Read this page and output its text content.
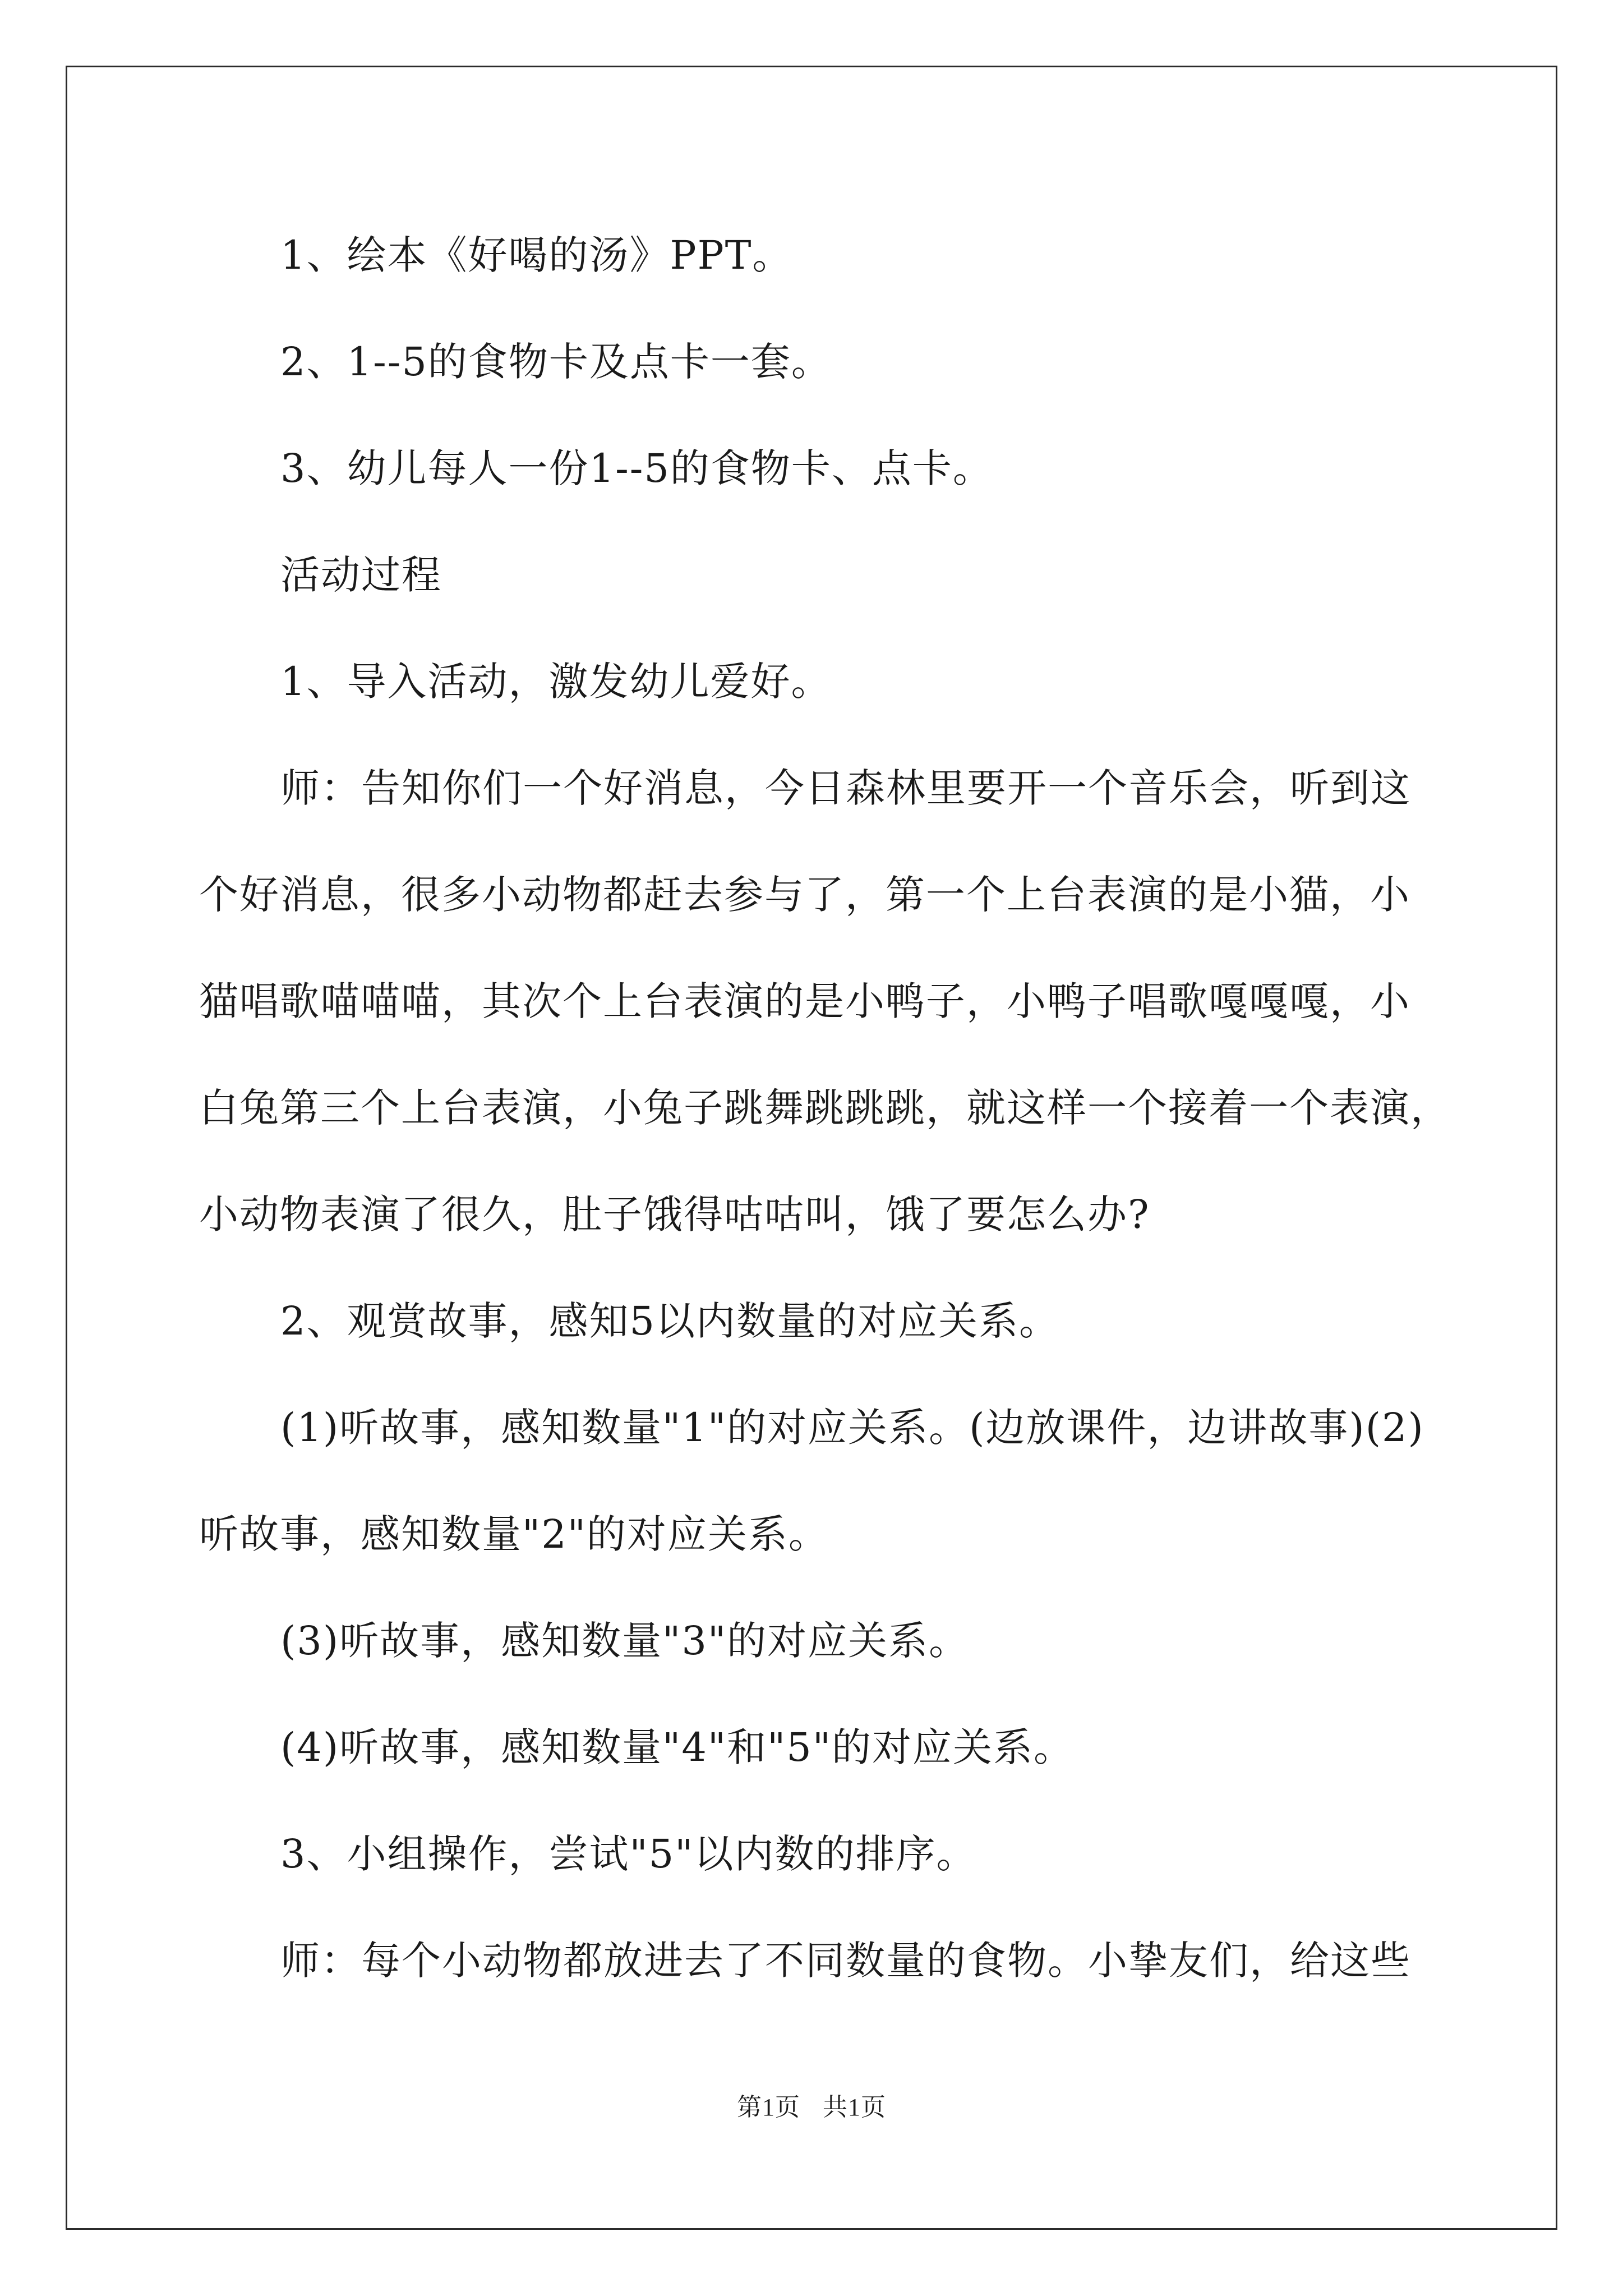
1、绘本《好喝的汤》PPT。

2、1--5的食物卡及点卡一套。

3、幼儿每人一份1--5的食物卡、点卡。

活动过程

1、导入活动，激发幼儿爱好。

师：告知你们一个好消息，今日森林里要开一个音乐会，听到这

个好消息，很多小动物都赶去参与了，第一个上台表演的是小猫，小

猫唱歌喵喵喵，其次个上台表演的是小鸭子，小鸭子唱歌嘎嘎嘎，小

白兔第三个上台表演，小兔子跳舞跳跳跳，就这样一个接着一个表演，

小动物表演了很久，肚子饿得咕咕叫，饿了要怎么办?

2、观赏故事，感知5以内数量的对应关系。

(1)听故事，感知数量"1"的对应关系。(边放课件，边讲故事)(2)

听故事，感知数量"2"的对应关系。

(3)听故事，感知数量"3"的对应关系。

(4)听故事，感知数量"4"和"5"的对应关系。

3、小组操作，尝试"5"以内数的排序。

师：每个小动物都放进去了不同数量的食物。小挚友们，给这些

第1页 共1页
